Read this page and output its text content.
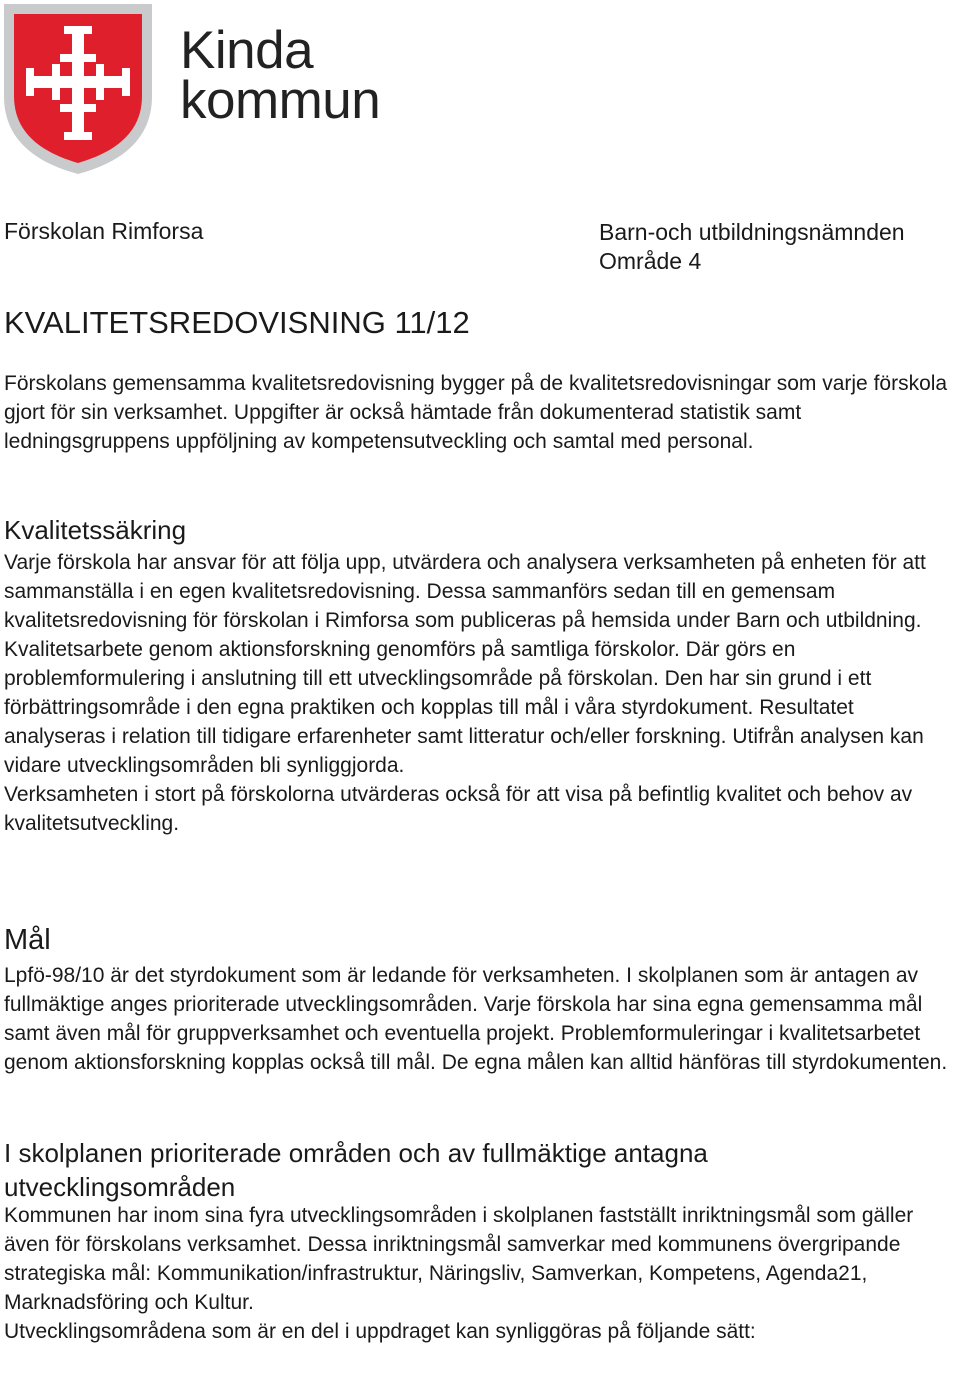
Kinda
kommun
Förskolan Rimforsa	Barn-och utbildningsnämnden
Område 4
KVALITETSREDOVISNING 11/12

Förskolans gemensamma kvalitetsredovisning bygger på de kvalitetsredovisningar som varje förskola gjort för sin verksamhet. Uppgifter är också hämtade från dokumenterad statistik samt ledningsgruppens uppföljning av kompetensutveckling och samtal med personal.

Kvalitetssäkring

Varje förskola har ansvar för att följa upp, utvärdera och analysera verksamheten på enheten för att sammanställa i en egen kvalitetsredovisning. Dessa sammanförs sedan till en gemensam kvalitetsredovisning för förskolan i Rimforsa som publiceras på hemsida under Barn och utbildning.

Kvalitetsarbete genom aktionsforskning genomförs på samtliga förskolor. Där görs en problemformulering i anslutning till ett utvecklingsområde på förskolan. Den har sin grund i ett förbättringsområde i den egna praktiken och kopplas till mål i våra styrdokument. Resultatet analyseras i relation till tidigare erfarenheter samt litteratur och/eller forskning. Utifrån analysen kan vidare utvecklingsområden bli synliggjorda.

Verksamheten i stort på förskolorna utvärderas också för att visa på befintlig kvalitet och behov av kvalitetsutveckling.

Mål

Lpfö-98/10 är det styrdokument som är ledande för verksamheten. I skolplanen som är antagen av fullmäktige anges prioriterade utvecklingsområden. Varje förskola har sina egna gemensamma mål samt även mål för gruppverksamhet och eventuella projekt. Problemformuleringar i kvalitetsarbetet genom aktionsforskning kopplas också till mål. De egna målen kan alltid hänföras till styrdokumenten.

I skolplanen prioriterade områden och av fullmäktige antagna utvecklingsområden

Kommunen har inom sina fyra utvecklingsområden i skolplanen fastställt inriktningsmål som gäller även för förskolans verksamhet. Dessa inriktningsmål samverkar med kommunens övergripande strategiska mål: Kommunikation/infrastruktur, Näringsliv, Samverkan, Kompetens, Agenda21, Marknadsföring och Kultur.

Utvecklingsområdena som är en del i uppdraget kan synliggöras på följande sätt:
